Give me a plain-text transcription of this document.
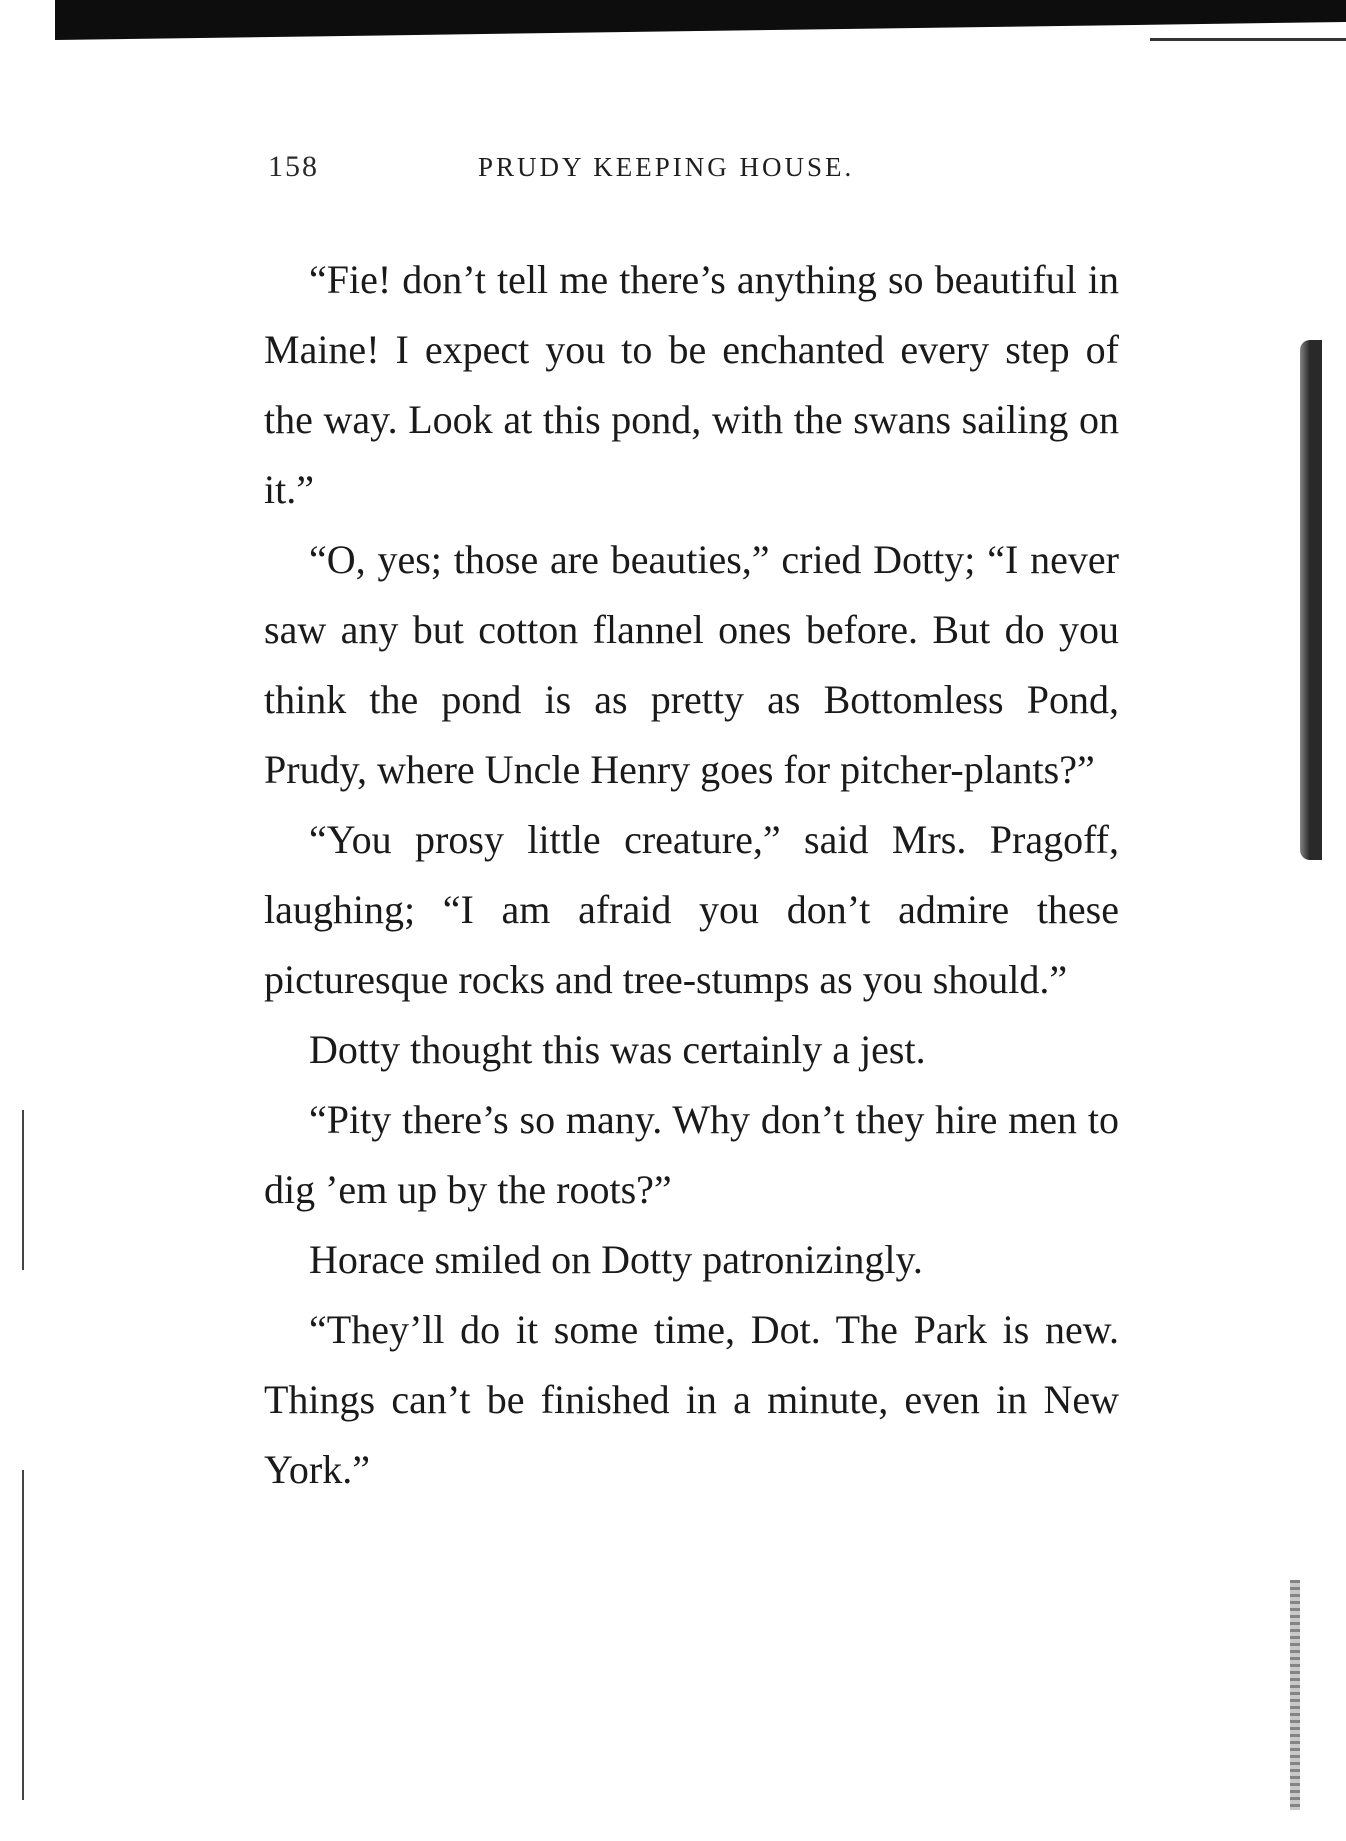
158	PRUDY KEEPING HOUSE.

“Fie! don’t tell me there’s anything so beautiful in Maine! I expect you to be enchanted every step of the way. Look at this pond, with the swans sailing on it.”

“O, yes; those are beauties,” cried Dotty; “I never saw any but cotton flannel ones before. But do you think the pond is as pretty as Bottomless Pond, Prudy, where Uncle Henry goes for pitcher-plants?”

“You prosy little creature,” said Mrs. Pragoff, laughing; “I am afraid you don’t admire these picturesque rocks and tree-stumps as you should.”

Dotty thought this was certainly a jest.

“Pity there’s so many. Why don’t they hire men to dig ’em up by the roots?”

Horace smiled on Dotty patronizingly.

“They’ll do it some time, Dot. The Park is new. Things can’t be finished in a minute, even in New York.”
